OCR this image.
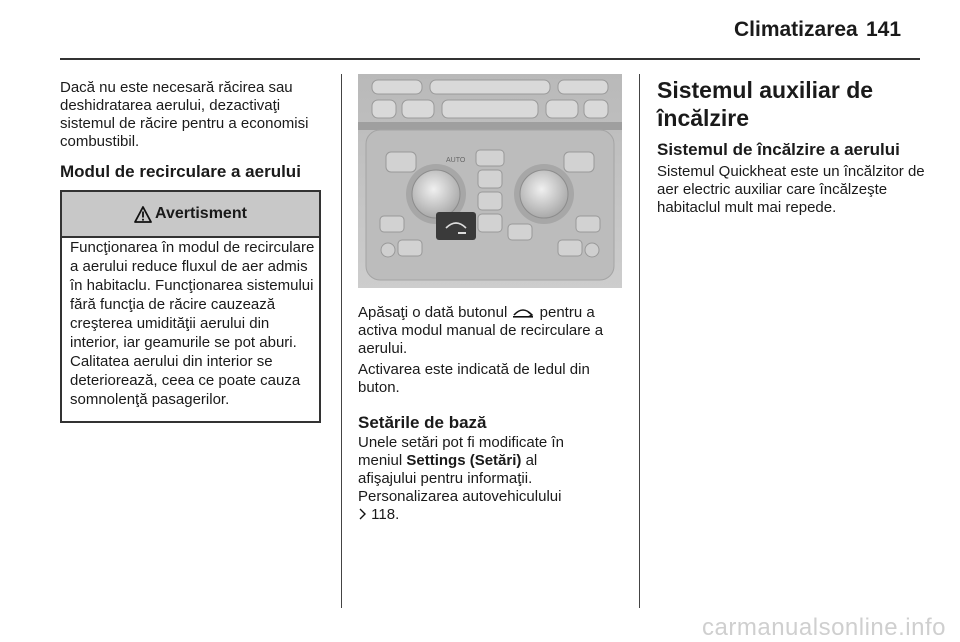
Climatizarea 141

Dacă nu este necesară răcirea sau deshidratarea aerului, dezactivaţi sistemul de răcire pentru a economisi combustibil.

Modul de recirculare a aerului
Avertisment
Funcţionarea în modul de recirculare a aerului reduce fluxul de aer admis în habitaclu. Funcţionarea sistemului fără funcţia de răcire cauzează creşterea umidităţii aerului din interior, iar geamurile se pot aburi. Calitatea aerului din interior se deteriorează, ceea ce poate cauza somnolenţă pasagerilor.
AUTO

Apăsaţi o dată butonul pentru a activa modul manual de recirculare a aerului.

Activarea este indicată de ledul din buton.

Setările de bază

Unele setări pot fi modificate în meniul Settings (Setări) al afişajului pentru informaţii.
Personalizarea autovehiculului
118.

Sistemul auxiliar de încălzire
Sistemul de încălzire a aerului

Sistemul Quickheat este un încălzitor de aer electric auxiliar care încălzeşte habitaclul mult mai repede.

carmanualsonline.info
